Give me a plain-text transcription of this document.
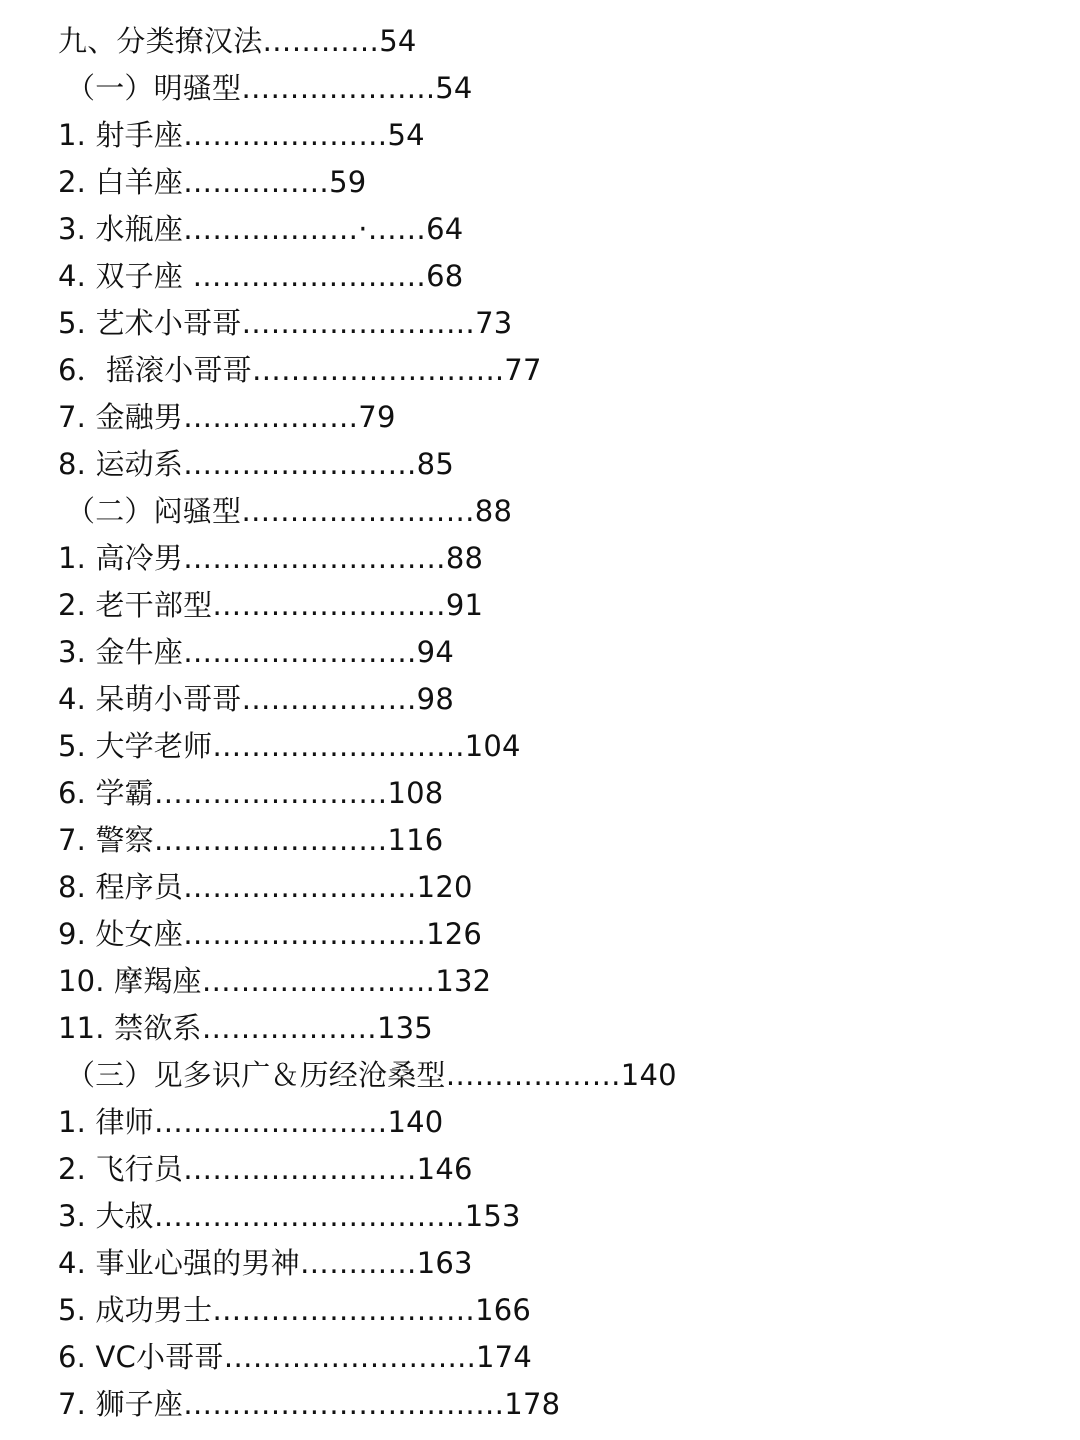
九、分类撩汉法…………54
（一）明骚型………………..54
1. 射手座…………………54
2. 白羊座……………59
3. 水瓶座………………·……64
4. 双子座 ……………………68
5. 艺术小哥哥……………………73
6．摇滚小哥哥……………………..77
7. 金融男………………79
8. 运动系……………………85
（二）闷骚型……………………88
1. 高冷男………………………88
2. 老干部型……………………91
3. 金牛座……………………94
4. 呆萌小哥哥………………98
5. 大学老师……………………..104
6. 学霸……………………108
7. 警察……………………116
8. 程序员……………………120
9. 处女座…………………….126
10. 摩羯座……………………132
11. 禁欲系………………135
（三）见多识广＆历经沧桑型………………140
1. 律师……………………140
2. 飞行员……………………146
3. 大叔…………………………..153
4. 事业心强的男神…………163
5. 成功男士………………………166
6. VC小哥哥……………………..174
7. 狮子座……………………………178
